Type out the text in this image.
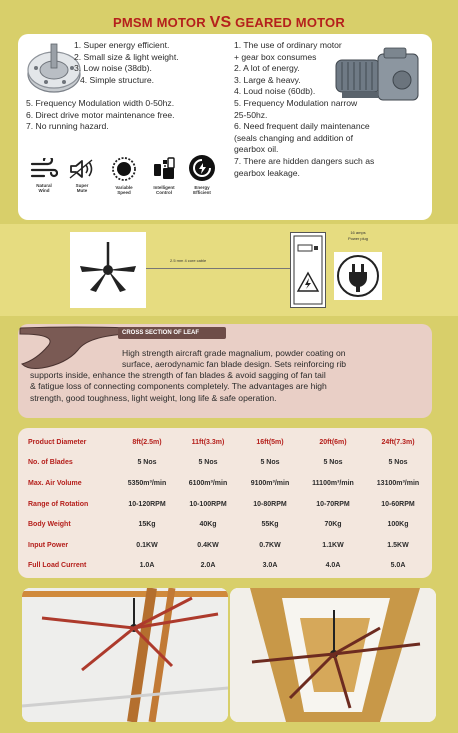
PMSM MOTOR VS GEARED MOTOR
1. Super energy efficient.
2. Small size & light weight.
3. Low noise (38db).
4. Simple structure.
5. Frequency Modulation width 0-50hz.
6. Direct drive motor maintenance free.
7. No running hazard.
1. The use of ordinary motor
+ gear box consumes
2. A lot of energy.
3. Large & heavy.
4. Loud noise (60db).
5. Frequency Modulation narrow
25-50hz.
6. Need frequent daily maintenance
(seals changing and addition of
gearbox oil.
7. There are hidden dangers such as
gearbox leakage.
Natural
Wind
Super
Mute
Variable
Speed
Intelligent
Control
Energy
Efficient
2.5 mm 4 core cable
16 amps
Power plug
CROSS SECTION OF LEAF
High strength aircraft grade magnalium, powder coating on
surface, aerodynamic fan blade design. Sets reinforcing rib
supports inside, enhance the strength of fan blades & avoid sagging of fan tail
& fatigue loss of connecting components completely. The advantages are high
strength, good toughness, light weight, long life & safe operation.
Product Diameter	8ft(2.5m)	11ft(3.3m)	16ft(5m)	20ft(6m)	24ft(7.3m)
No. of Blades	5 Nos	5 Nos	5 Nos	5 Nos	5 Nos
Max. Air Volume	5350m³/min	6100m³/min	9100m³/min	11100m³/min	13100m³/min
Range of Rotation	10-120RPM	10-100RPM	10-80RPM	10-70RPM	10-60RPM
Body Weight	15Kg	40Kg	55Kg	70Kg	100Kg
Input Power	0.1KW	0.4KW	0.7KW	1.1KW	1.5KW
Full Load Current	1.0A	2.0A	3.0A	4.0A	5.0A
